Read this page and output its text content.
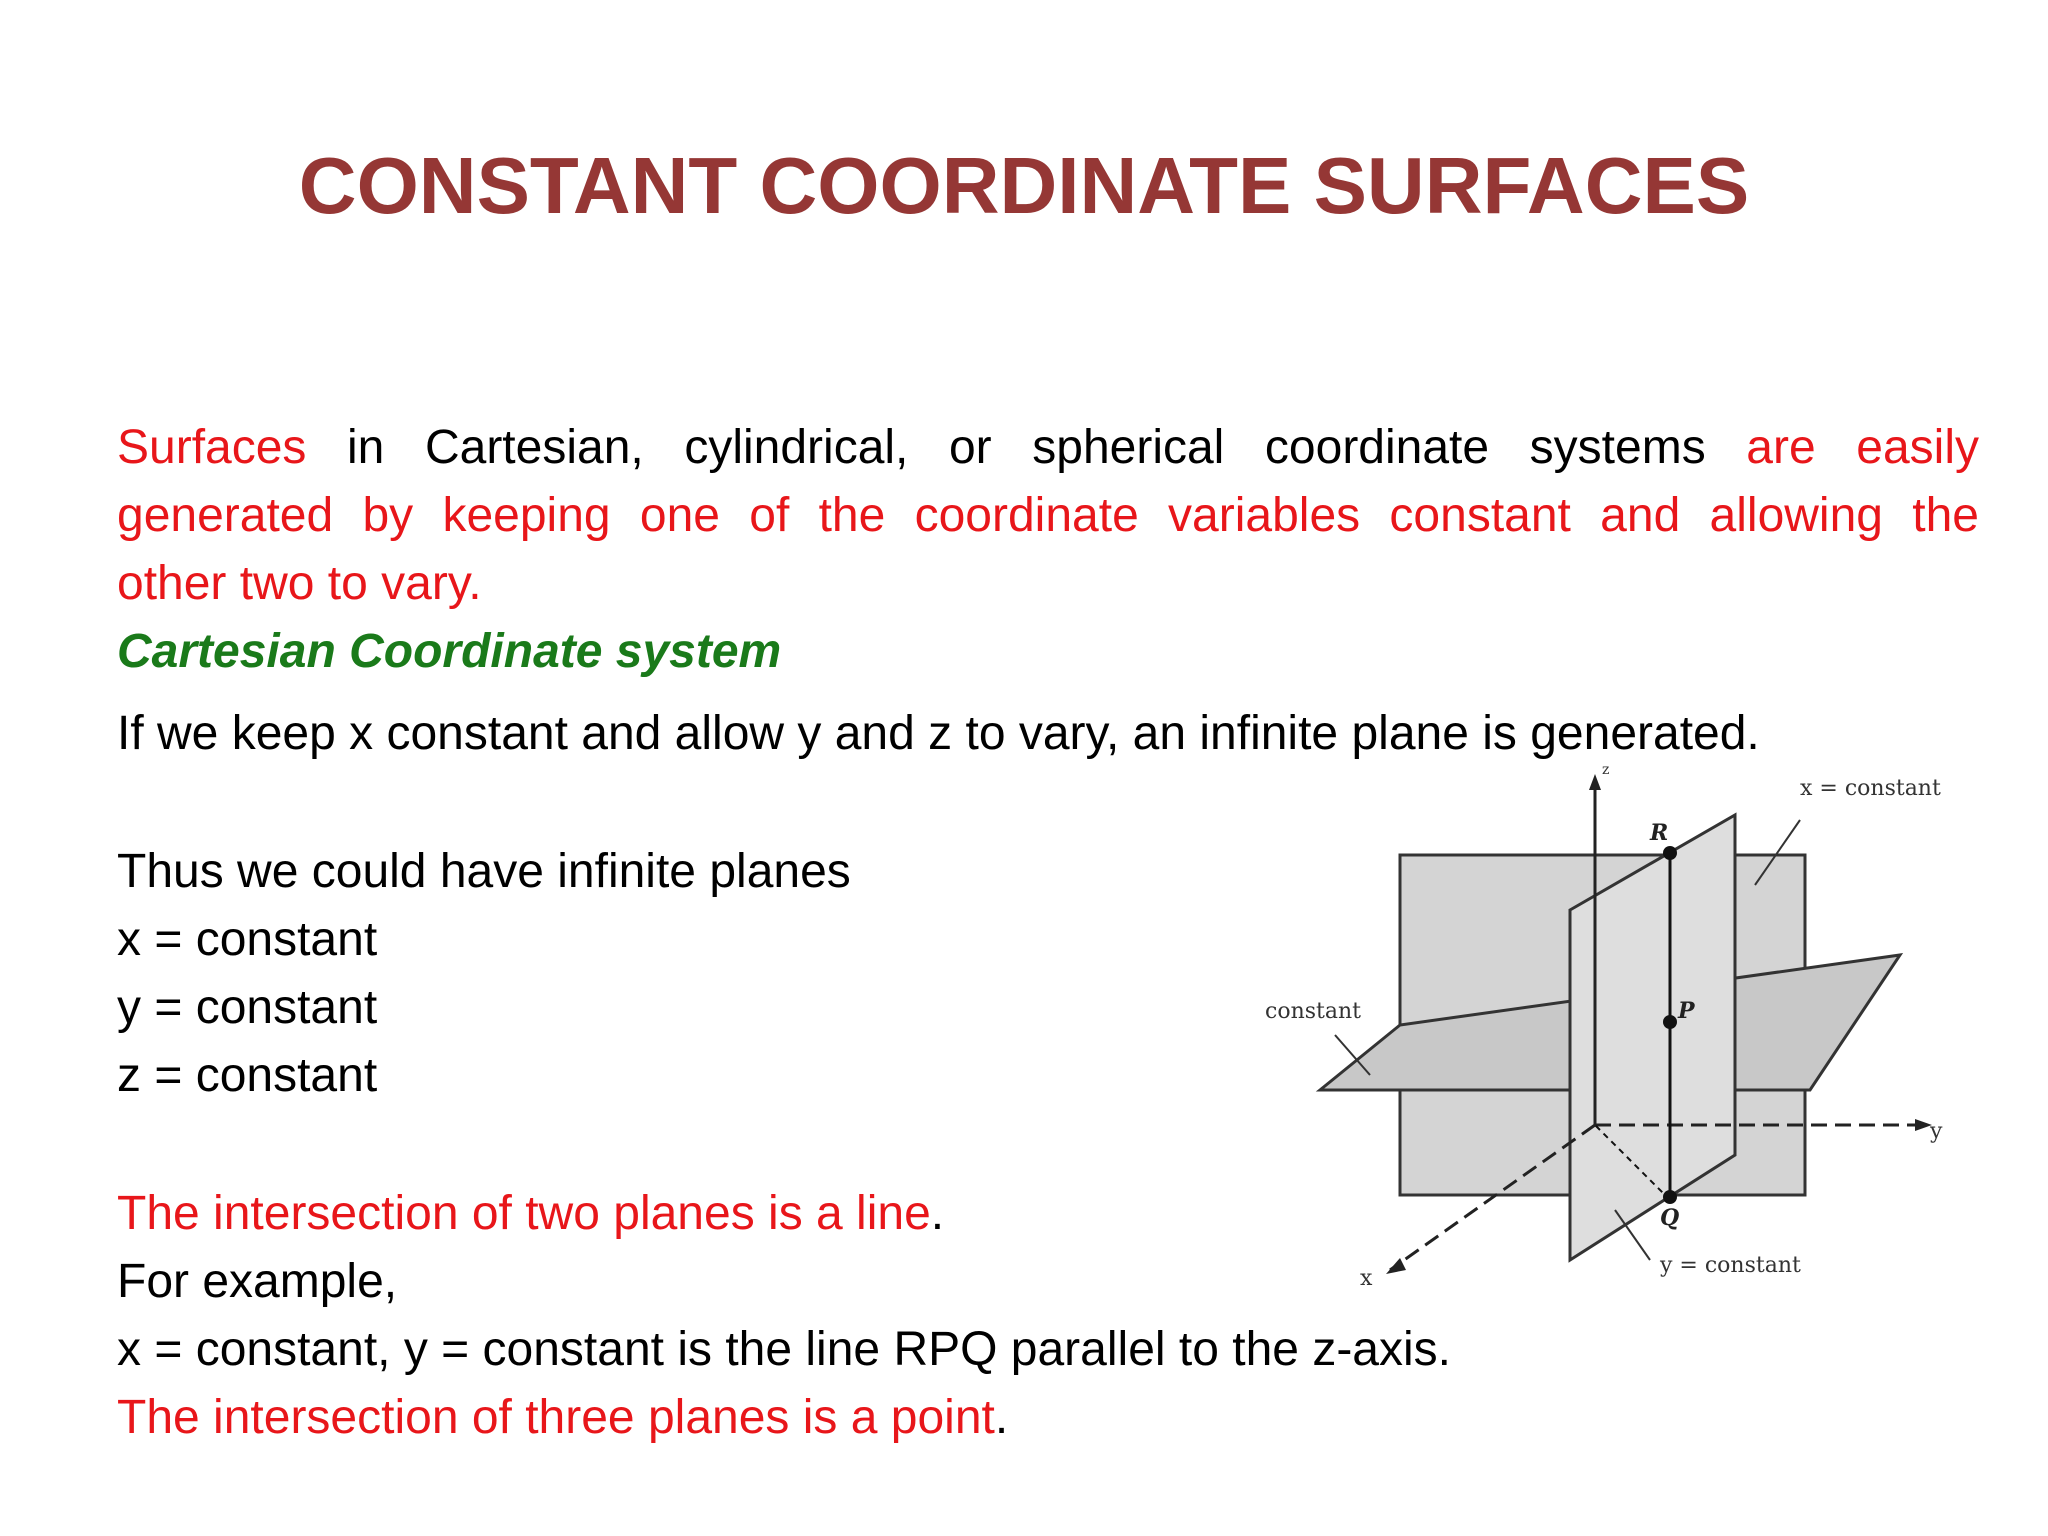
CONSTANT COORDINATE SURFACES
Surfaces in Cartesian, cylindrical, or spherical coordinate systems are easily
generated by keeping one of the coordinate variables constant and allowing the
other two to vary.
Cartesian Coordinate system
If we keep x constant and allow y and z to vary, an infinite plane is generated.
Thus we could have infinite planes
x = constant
y = constant
z = constant
The intersection of two planes is a line.
For example,
x = constant, y = constant is the line RPQ parallel to the z-axis.
The intersection of three planes is a point.
x = constant
constant
y = constant
R
P
Q
x
y
z
